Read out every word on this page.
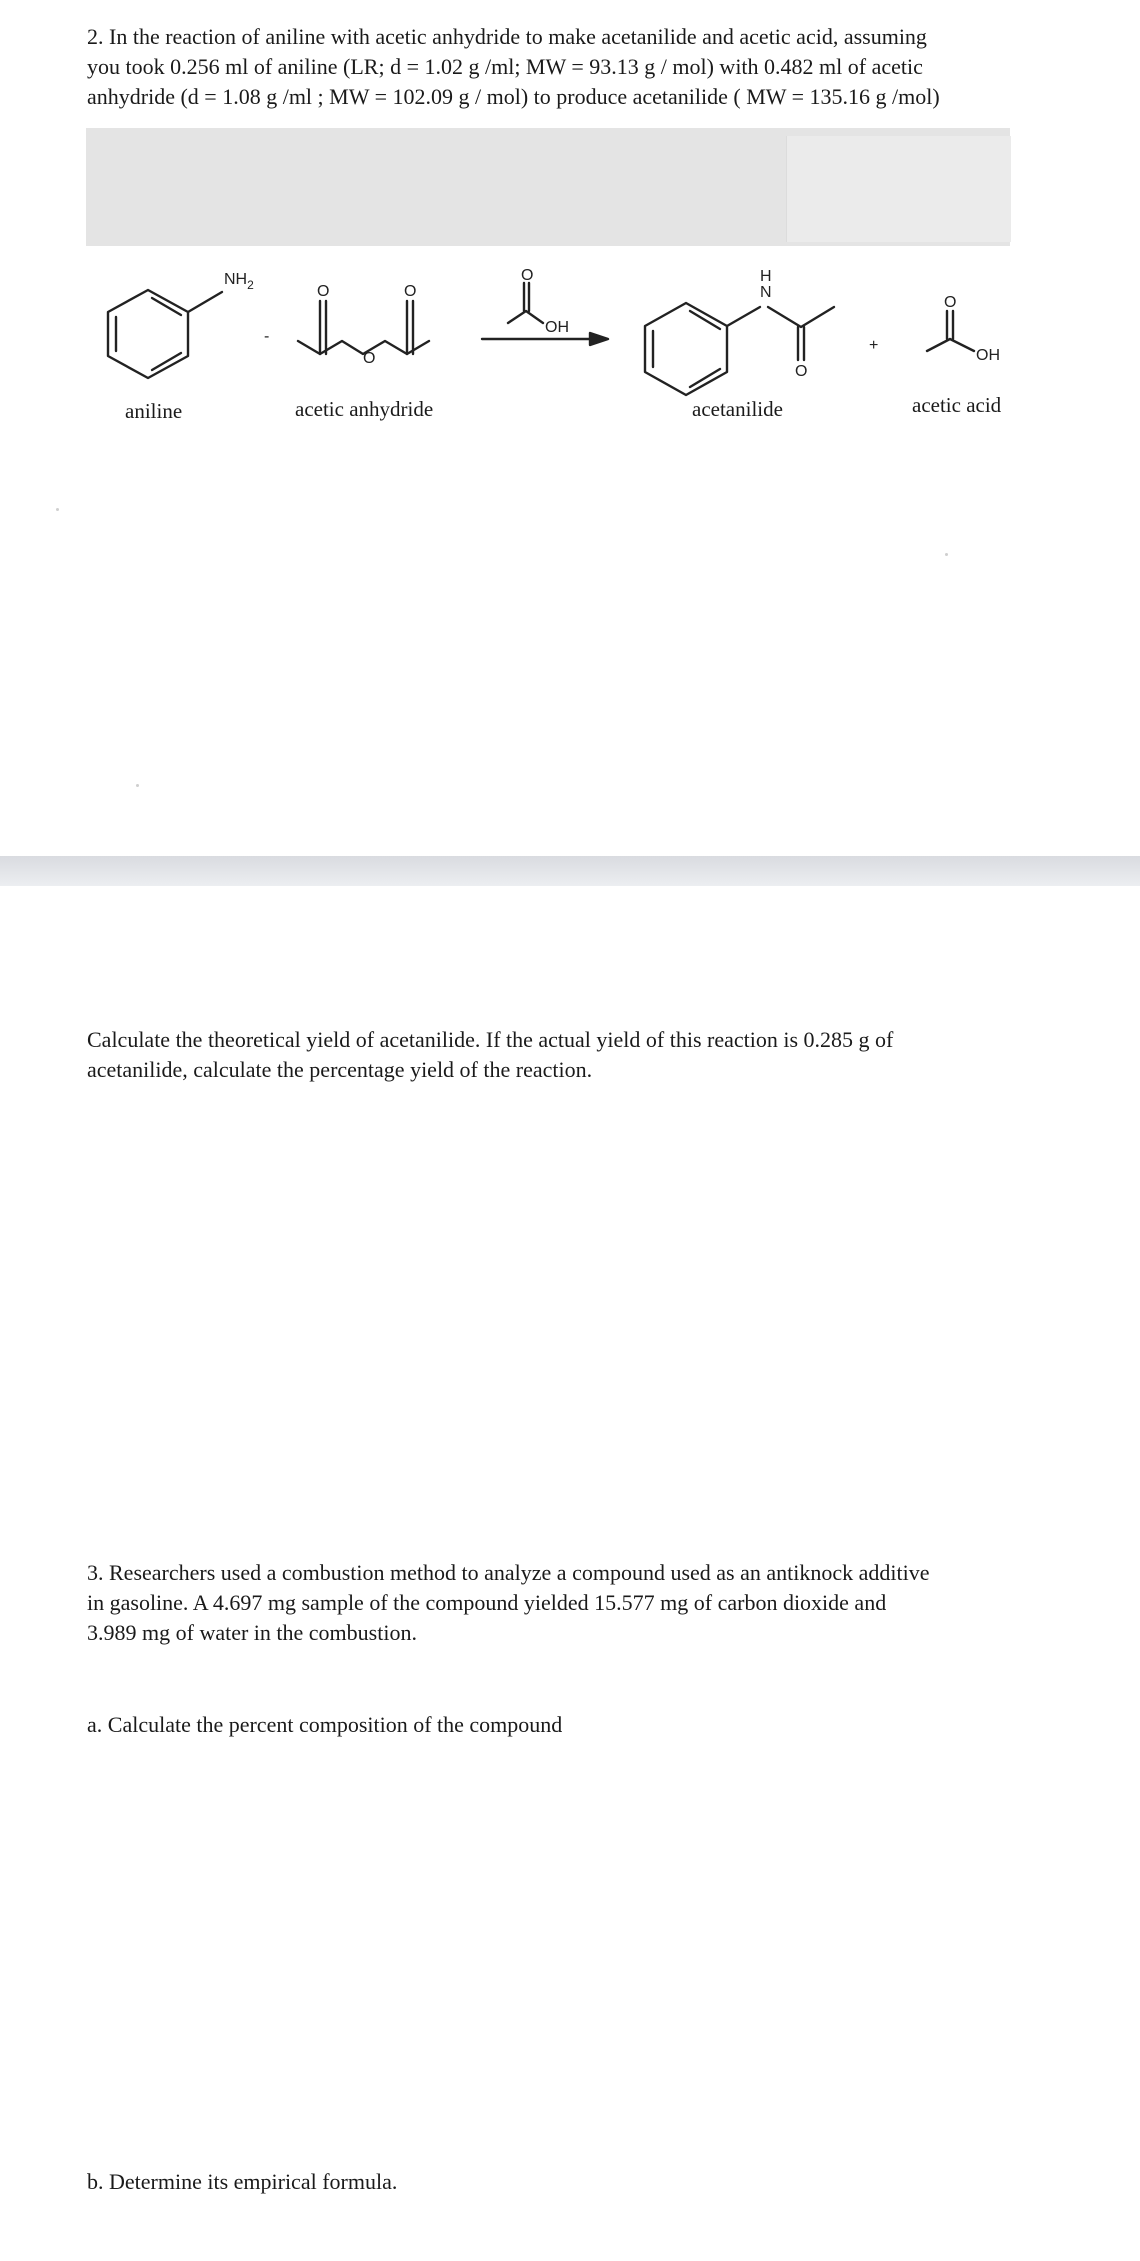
2. In the reaction of aniline with acetic anhydride to make acetanilide and acetic acid, assuming
you took 0.256 ml of aniline (LR; d = 1.02 g /ml; MW = 93.13 g / mol) with 0.482 ml of acetic
anhydride (d = 1.08 g /ml ; MW = 102.09 g / mol) to produce acetanilide ( MW = 135.16 g /mol)

$NH_2$	O	O
O
-
O
OH
H
N
O
+
O
OH
aniline	acetic anhydride	acetanilide	acetic acid

Calculate the theoretical yield of acetanilide. If the actual yield of this reaction is 0.285 g of
acetanilide, calculate the percentage yield of the reaction.

3. Researchers used a combustion method to analyze a compound used as an antiknock additive
in gasoline. A 4.697 mg sample of the compound yielded 15.577 mg of carbon dioxide and
3.989 mg of water in the combustion.

a. Calculate the percent composition of the compound

b. Determine its empirical formula.
